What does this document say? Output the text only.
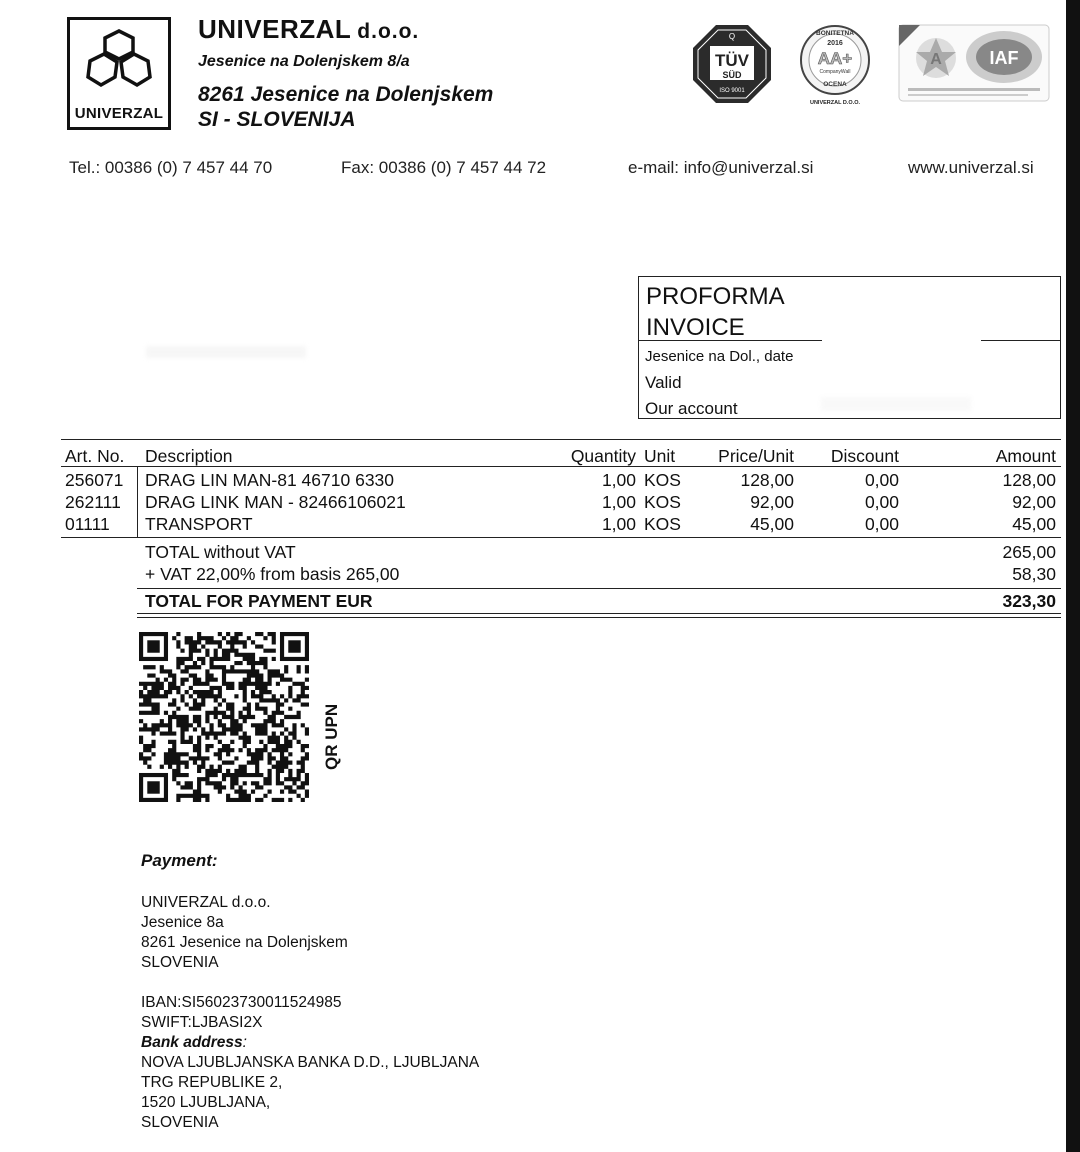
UNIVERZAL
UNIVERZAL d.o.o.
Jesenice na Dolenjskem 8/a
8261 Jesenice na Dolenjskem
SI - SLOVENIJA
Q
TÜV
SÜD
ISO 9001
BONITETNA
2016
AA+
CompanyWall
OCENA
UNIVERZAL D.O.O.
A	IAF
Tel.: 00386 (0) 7 457 44 70	Fax: 00386 (0) 7 457 44 72	e-mail: info@univerzal.si	www.univerzal.si
PROFORMA
INVOICE
Jesenice na Dol., date
Valid
Our account
Art. No. Description	Quantity Unit	Price/Unit	Discount	Amount
256071 DRAG LIN MAN-81 46710 6330	1,00 KOS	128,00	0,00	128,00
262111 DRAG LINK MAN - 82466106021	1,00 KOS	92,00	0,00	92,00
01111 TRANSPORT	1,00 KOS	45,00	0,00	45,00
TOTAL without VAT	265,00
+ VAT 22,00% from basis 265,00	58,30
TOTAL FOR PAYMENT EUR	323,30
QR UPN
Payment:
UNIVERZAL d.o.o.
Jesenice 8a
8261 Jesenice na Dolenjskem
SLOVENIA
IBAN:SI56023730011524985
SWIFT:LJBASI2X
Bank address:
NOVA LJUBLJANSKA BANKA D.D., LJUBLJANA
TRG REPUBLIKE 2,
1520 LJUBLJANA,
SLOVENIA
